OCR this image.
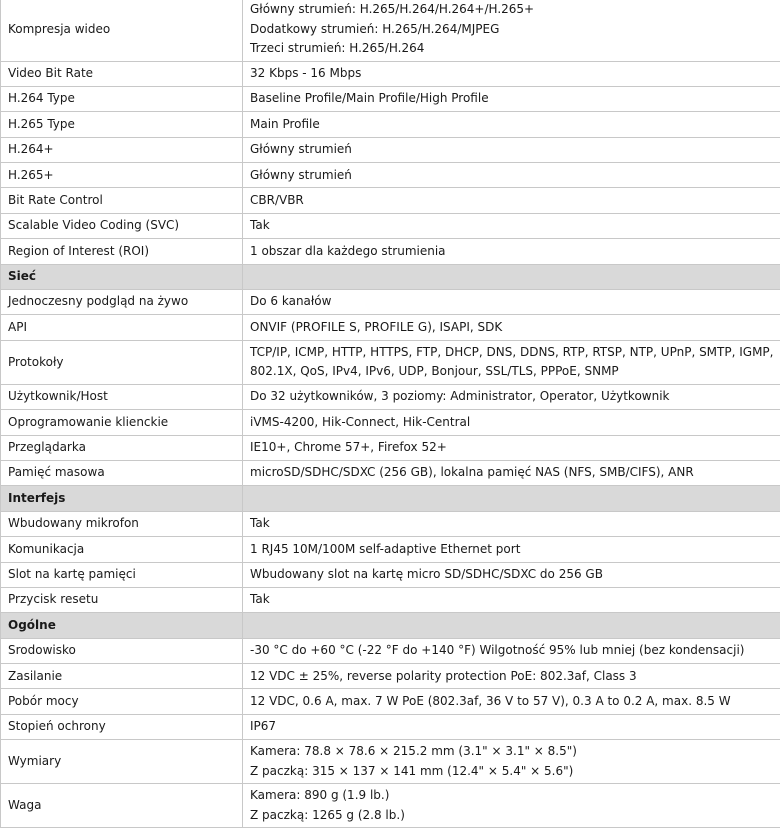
Kompresja wideo	Główny strumień: H.265/H.264/H.264+/H.265+
Dodatkowy strumień: H.265/H.264/MJPEG
Trzeci strumień: H.265/H.264

Video Bit Rate	32 Kbps - 16 Mbps

H.264 Type	Baseline Profile/Main Profile/High Profile

H.265 Type	Main Profile

H.264+	Główny strumień

H.265+	Główny strumień

Bit Rate Control	CBR/VBR

Scalable Video Coding (SVC)	Tak

Region of Interest (ROI)	1 obszar dla każdego strumienia

Sieć	
Jednoczesny podgląd na żywo	Do 6 kanałów

API	ONVIF (PROFILE S, PROFILE G), ISAPI, SDK

Protokoły	TCP/IP, ICMP, HTTP, HTTPS, FTP, DHCP, DNS, DDNS, RTP, RTSP, NTP, UPnP, SMTP, IGMP,
802.1X, QoS, IPv4, IPv6, UDP, Bonjour, SSL/TLS, PPPoE, SNMP

Użytkownik/Host	Do 32 użytkowników, 3 poziomy: Administrator, Operator, Użytkownik

Oprogramowanie klienckie	iVMS-4200, Hik-Connect, Hik-Central

Przeglądarka	IE10+, Chrome 57+, Firefox 52+

Pamięć masowa	microSD/SDHC/SDXC (256 GB), lokalna pamięć NAS (NFS, SMB/CIFS), ANR

Interfejs	
Wbudowany mikrofon	Tak

Komunikacja	1 RJ45 10M/100M self-adaptive Ethernet port

Slot na kartę pamięci	Wbudowany slot na kartę micro SD/SDHC/SDXC do 256 GB

Przycisk resetu	Tak

Ogólne	
Srodowisko	-30 °C do +60 °C (-22 °F do +140 °F) Wilgotność 95% lub mniej (bez kondensacji)

Zasilanie	12 VDC ± 25%, reverse polarity protection PoE: 802.3af, Class 3

Pobór mocy	12 VDC, 0.6 A, max. 7 W PoE (802.3af, 36 V to 57 V), 0.3 A to 0.2 A, max. 8.5 W

Stopień ochrony	IP67

Wymiary	Kamera: 78.8 × 78.6 × 215.2 mm (3.1" × 3.1" × 8.5")
Z paczką: 315 × 137 × 141 mm (12.4" × 5.4" × 5.6")

Waga	Kamera: 890 g (1.9 lb.)
Z paczką: 1265 g (2.8 lb.)
